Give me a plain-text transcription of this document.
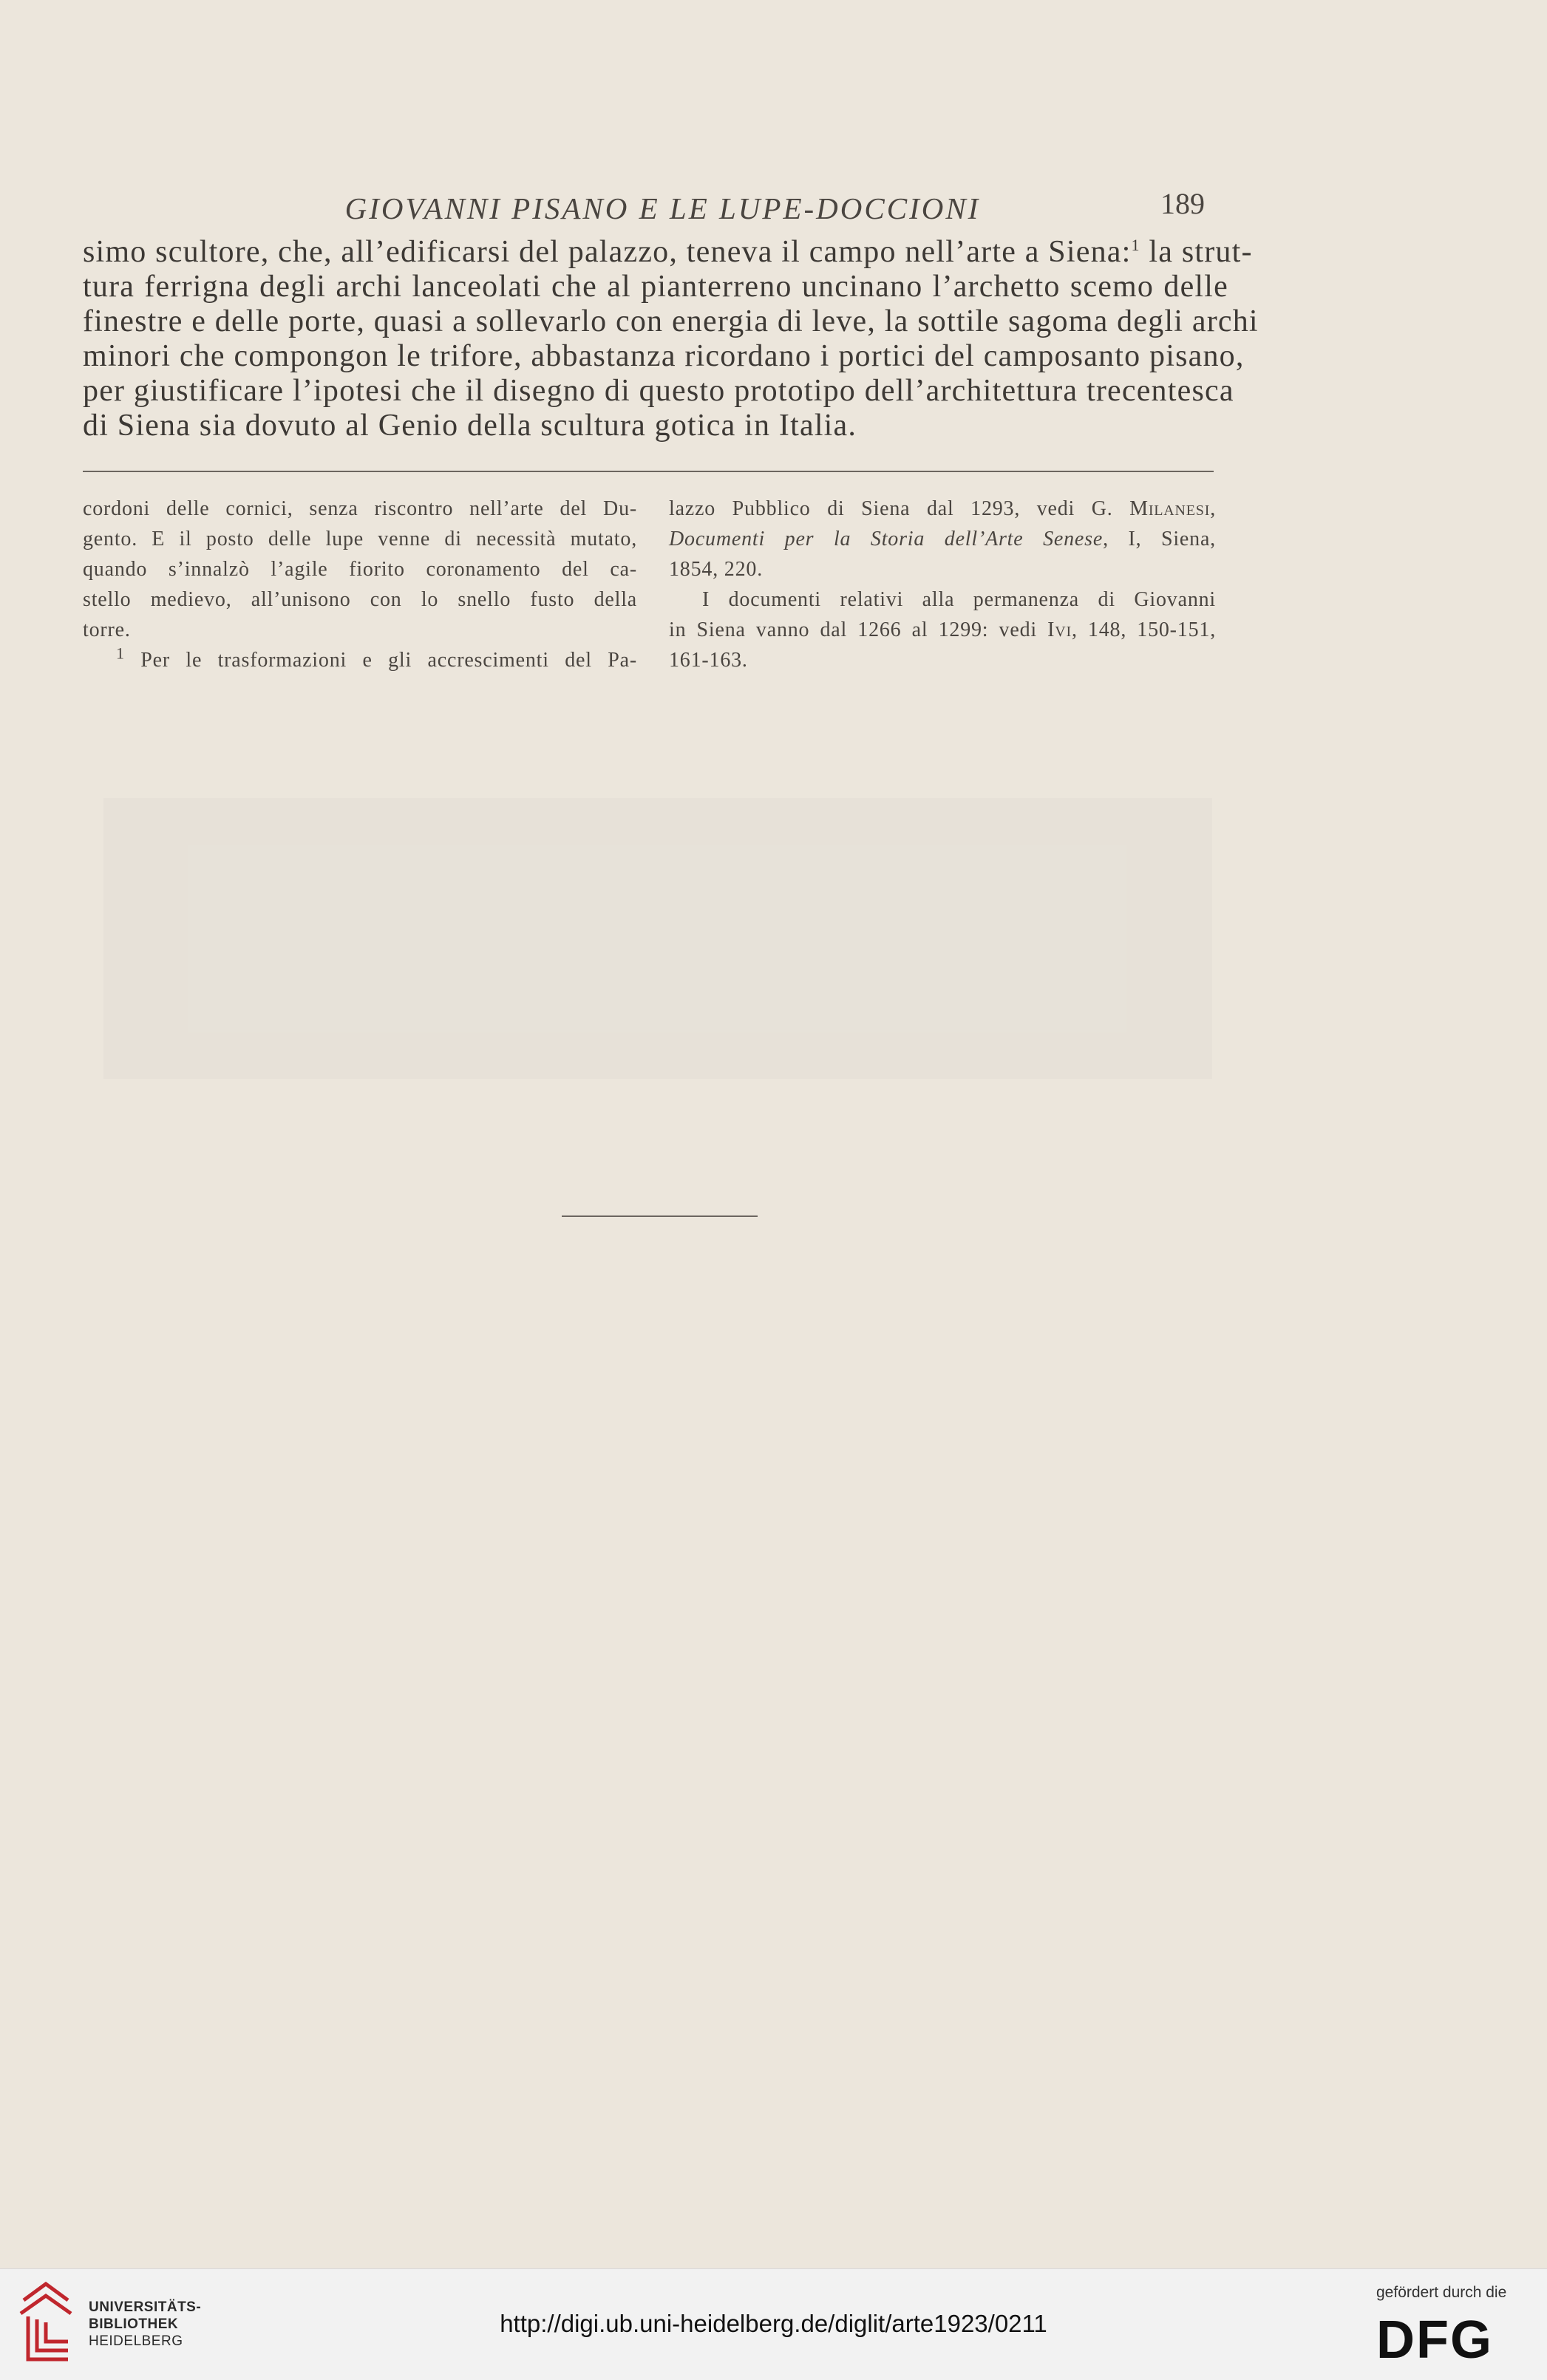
GIOVANNI PISANO E LE LUPE-DOCCIONI	189
simo scultore, che, all’edificarsi del palazzo, teneva il campo nell’arte a Siena:$^1$ la strut-
tura ferrigna degli archi lanceolati che al pianterreno uncinano l’archetto scemo delle
finestre e delle porte, quasi a sollevarlo con energia di leve, la sottile sagoma degli archi
minori che compongon le trifore, abbastanza ricordano i portici del camposanto pisano,
per giustificare l’ipotesi che il disegno di questo prototipo dell’architettura trecentesca
di Siena sia dovuto al Genio della scultura gotica in Italia.
cordoni delle cornici, senza riscontro nell’arte del Du-
gento. E il posto delle lupe venne di necessità mutato,
quando s’innalzò l’agile fiorito coronamento del ca-
stello medievo, all’unisono con lo snello fusto della
torre.
$^1$ Per le trasformazioni e gli accrescimenti del Pa-
lazzo Pubblico di Siena dal 1293, vedi G. Milanesi,
Documenti per la Storia dell’Arte Senese, I, Siena,
1854, 220.
I documenti relativi alla permanenza di Giovanni
in Siena vanno dal 1266 al 1299: vedi Ivi, 148, 150-151,
161-163.
UNIVERSITÄTS-
BIBLIOTHEK
HEIDELBERG
http://digi.ub.uni-heidelberg.de/diglit/arte1923/0211
gefördert durch die
DFG
